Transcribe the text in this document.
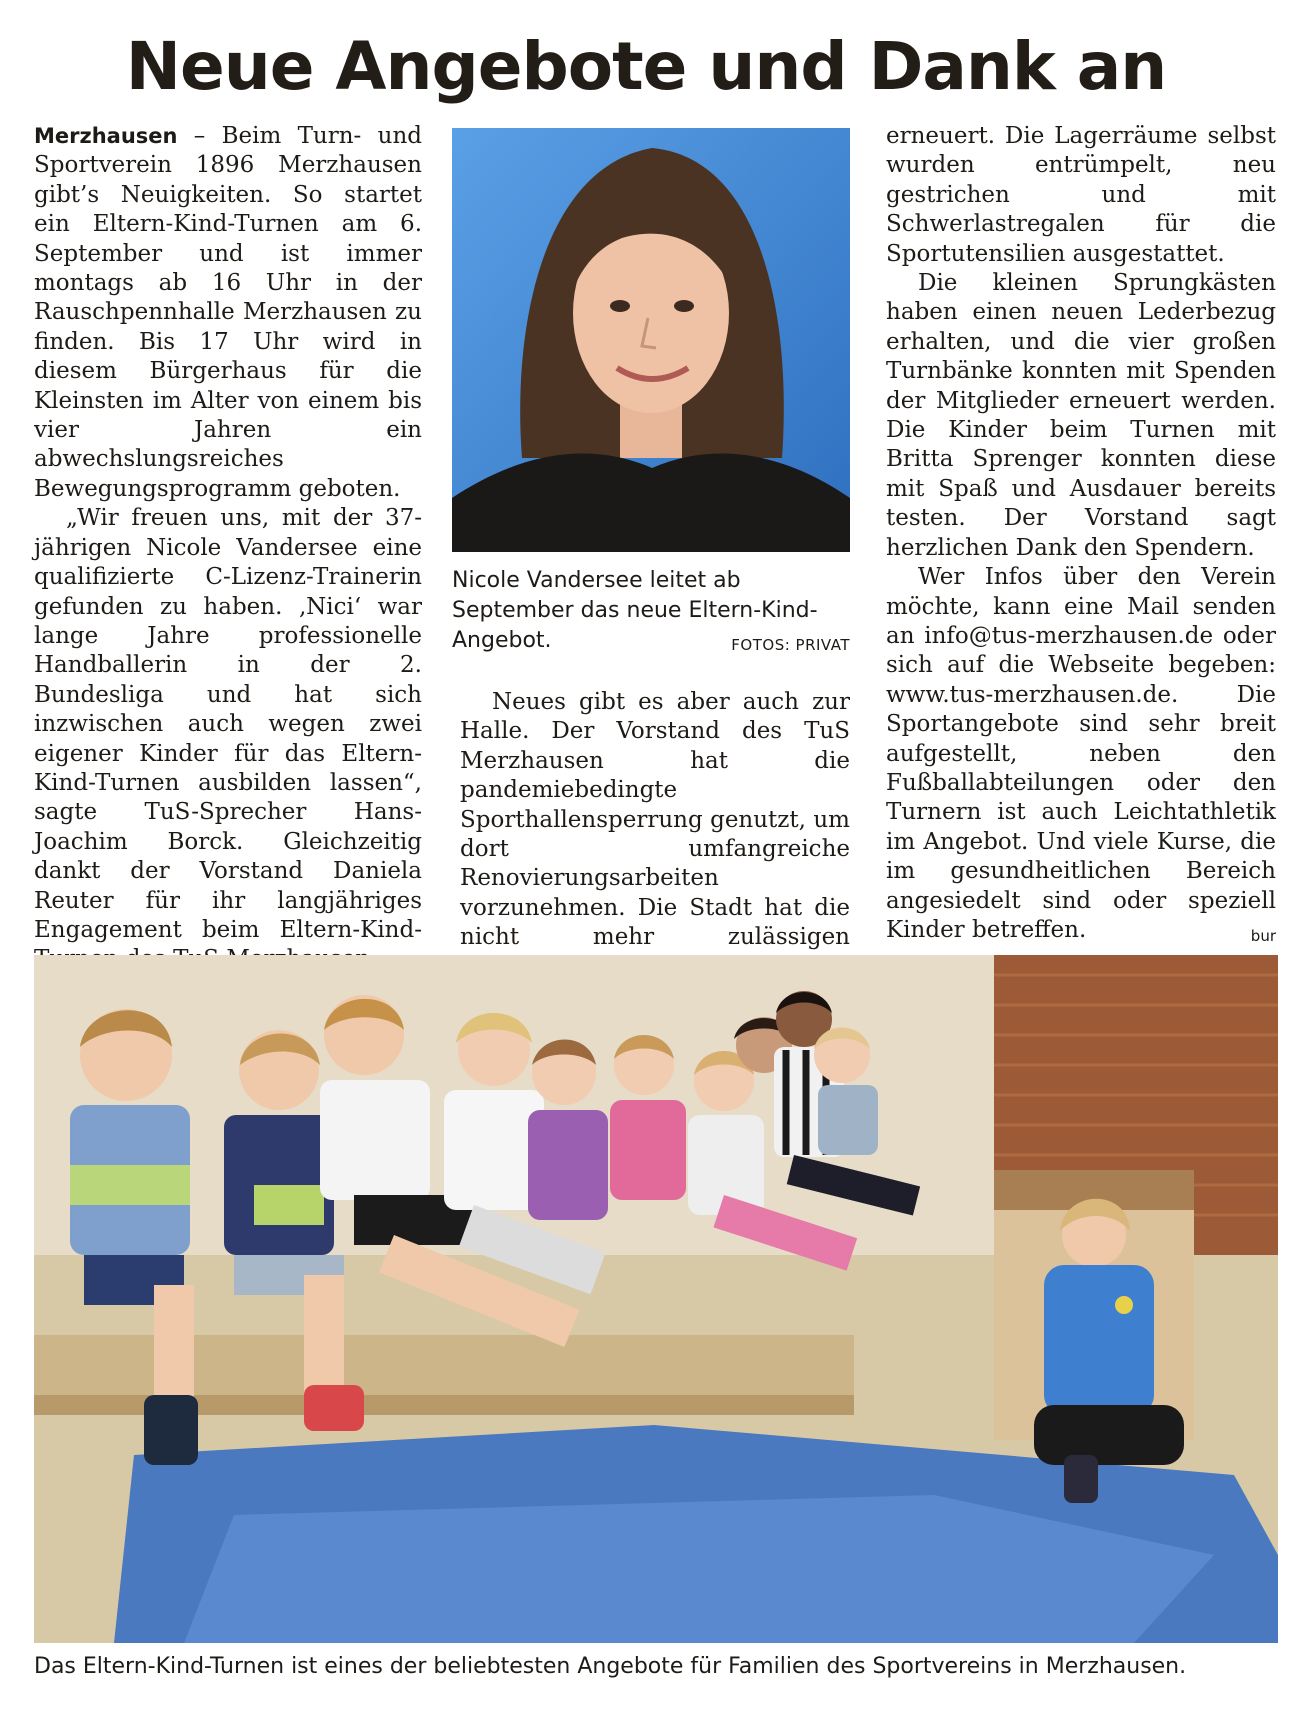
Neue Angebote und Dank an

Merzhausen – Beim Turn- und Sportverein 1896 Merzhausen gibt’s Neuigkeiten. So startet ein Eltern-Kind-Turnen am 6. September und ist immer montags ab 16 Uhr in der Rauschpennhalle Merzhausen zu finden. Bis 17 Uhr wird in diesem Bürgerhaus für die Kleinsten im Alter von einem bis vier Jahren ein abwechslungsreiches Bewegungsprogramm geboten.

„Wir freuen uns, mit der 37-jährigen Nicole Vandersee eine qualifizierte C-Lizenz-Trainerin gefunden zu haben. ‚Nici‘ war lange Jahre professionelle Handballerin in der 2. Bundesliga und hat sich inzwischen auch wegen zwei eigener Kinder für das Eltern-Kind-Turnen ausbilden lassen“, sagte TuS-Sprecher Hans-Joachim Borck. Gleichzeitig dankt der Vorstand Daniela Reuter für ihr langjähriges Engagement beim Eltern-Kind-

Nicole Vandersee leitet ab September das neue Eltern-Kind-Angebot.	FOTOS: PRIVAT

Neues gibt es aber auch zur Halle. Der Vorstand des TuS Merzhausen hat die pandemiebedingte Sporthallensperrung genutzt, um dort umfangreiche Renovierungsarbeiten vorzunehmen. Die Stadt hat die nicht mehr zulässigen

erneuert. Die Lagerräume selbst wurden entrümpelt, neu gestrichen und mit Schwerlastregalen für die Sportutensilien ausgestattet.

Die kleinen Sprungkästen haben einen neuen Lederbezug erhalten, und die vier großen Turnbänke konnten mit Spenden der Mitglieder erneuert werden. Die Kinder beim Turnen mit Britta Sprenger konnten diese mit Spaß und Ausdauer bereits testen. Der Vorstand sagt herzlichen Dank den Spendern.

Wer Infos über den Verein möchte, kann eine Mail senden an info@tus-merzhausen.de oder sich auf die Webseite begeben: www.tus-merzhausen.de. Die Sportangebote sind sehr breit aufgestellt, neben den Fußballabteilungen oder den Turnern ist auch Leichtathletik im Angebot. Und viele Kurse, die im gesundheitlichen Bereich angesiedelt sind oder speziell Kinder betreffen.	bur

Das Eltern-Kind-Turnen ist eines der beliebtesten Angebote für Familien des Sportvereins in Merzhausen.
